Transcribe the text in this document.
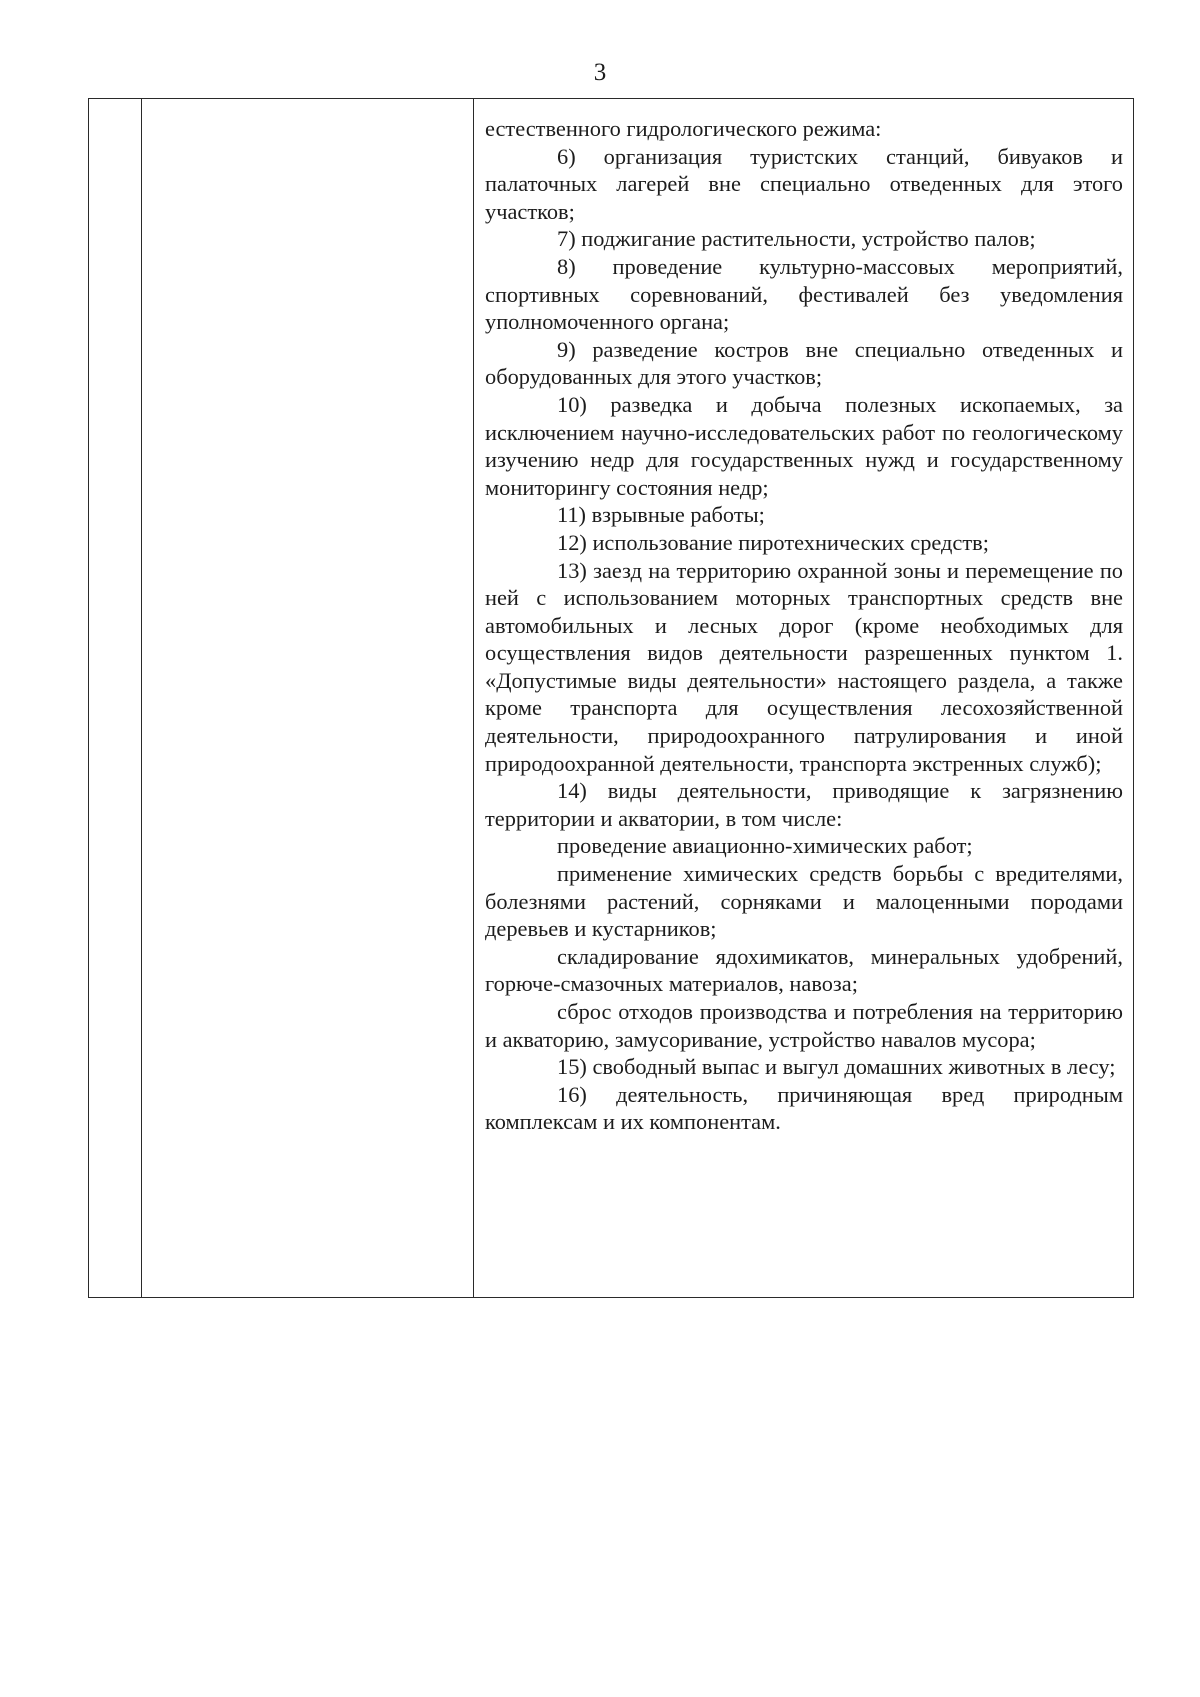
3

естественного гидрологического режима:

6) организация туристских станций, бивуаков и палаточных лагерей вне специально отведенных для этого участков;

7) поджигание растительности, устройство палов;

8) проведение культурно-массовых мероприятий, спортивных соревнований, фестивалей без уведомления уполномоченного органа;

9) разведение костров вне специально отведенных и оборудованных для этого участков;

10) разведка и добыча полезных ископаемых, за исключением научно-исследовательских работ по геологическому изучению недр для государственных нужд и государственному мониторингу состояния недр;

11) взрывные работы;

12) использование пиротехнических средств;

13) заезд на территорию охранной зоны и перемещение по ней с использованием моторных транспортных средств вне автомобильных и лесных дорог (кроме необходимых для осуществления видов деятельности разрешенных пунктом 1. «Допустимые виды деятельности» настоящего раздела, а также кроме транспорта для осуществления лесохозяйственной деятельности, природоохранного патрулирования и иной природоохранной деятельности, транспорта экстренных служб);

14) виды деятельности, приводящие к загрязнению территории и акватории, в том числе:

проведение авиационно-химических работ;

применение химических средств борьбы с вредителями, болезнями растений, сорняками и малоценными породами деревьев и кустарников;

складирование ядохимикатов, минеральных удобрений, горюче-смазочных материалов, навоза;

сброс отходов производства и потребления на территорию и акваторию, замусоривание, устройство навалов мусора;

15) свободный выпас и выгул домашних животных в лесу;

16) деятельность, причиняющая вред природным комплексам и их компонентам.
